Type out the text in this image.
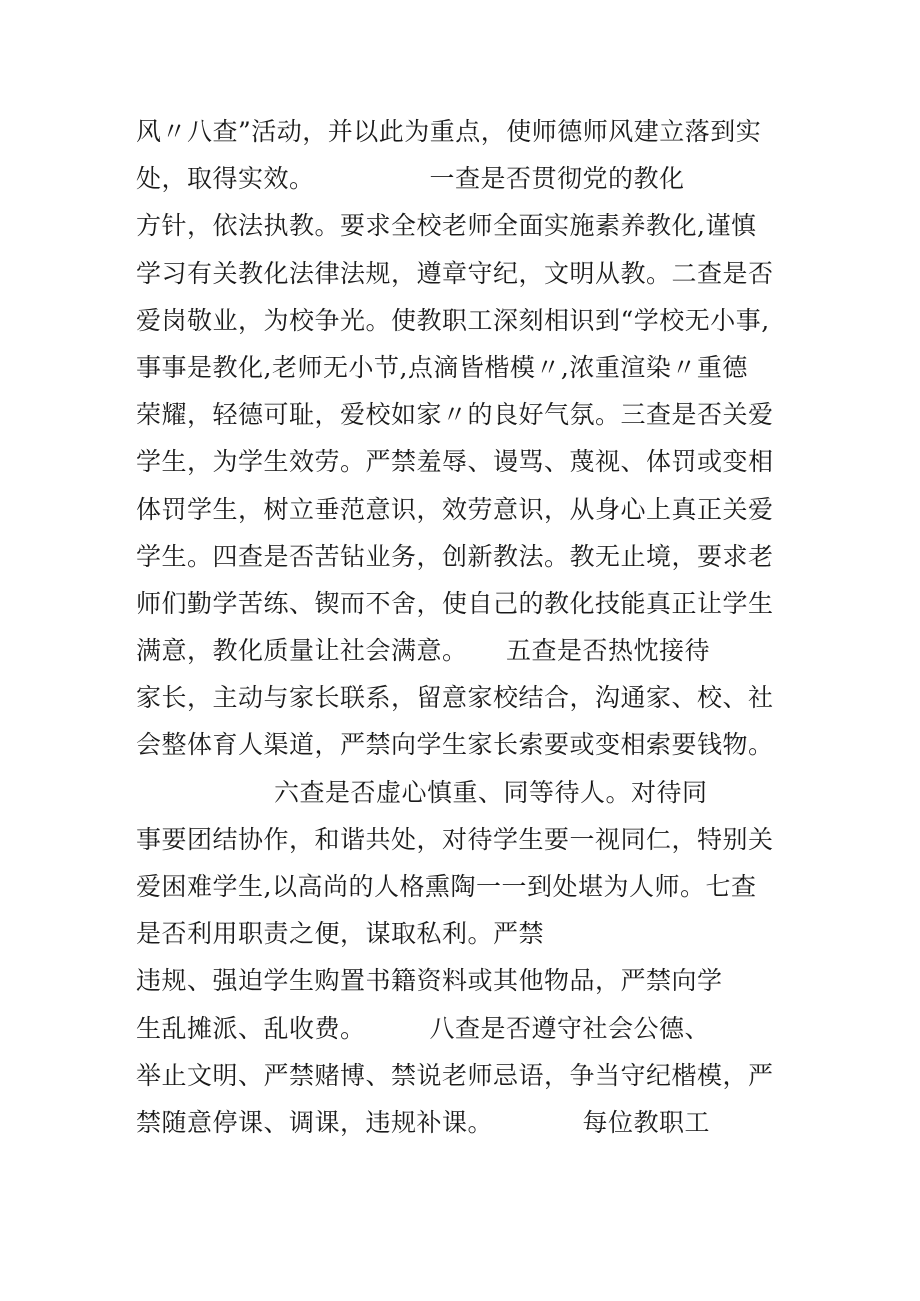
风〃八查”活动，并以此为重点，使师德师风建立落到实
处，取得实效。　　　　　一查是否贯彻党的教化
方针，依法执教。要求全校老师全面实施素养教化,谨慎
学习有关教化法律法规，遵章守纪，文明从教。二查是否
爱岗敬业，为校争光。使教职工深刻相识到“学校无小事,
事事是教化,老师无小节,点滴皆楷模〃,浓重渲染〃重德
荣耀，轻德可耻，爱校如家〃的良好气氛。三查是否关爱
学生，为学生效劳。严禁羞辱、谩骂、蔑视、体罚或变相
体罚学生，树立垂范意识，效劳意识，从身心上真正关爱
学生。四查是否苦钻业务，创新教法。教无止境，要求老
师们勤学苦练、锲而不舍，使自己的教化技能真正让学生
满意，教化质量让社会满意。　　五查是否热忱接待
家长，主动与家长联系，留意家校结合，沟通家、校、社
会整体育人渠道，严禁向学生家长索要或变相索要钱物。
六查是否虚心慎重、同等待人。对待同
事要团结协作，和谐共处，对待学生要一视同仁，特别关
爱困难学生,以高尚的人格熏陶一一到处堪为人师。七查
是否利用职责之便，谋取私利。严禁
违规、强迫学生购置书籍资料或其他物品，严禁向学
生乱摊派、乱收费。　　　八查是否遵守社会公德、
举止文明、严禁赌博、禁说老师忌语，争当守纪楷模，严
禁随意停课、调课，违规补课。　　　　每位教职工
